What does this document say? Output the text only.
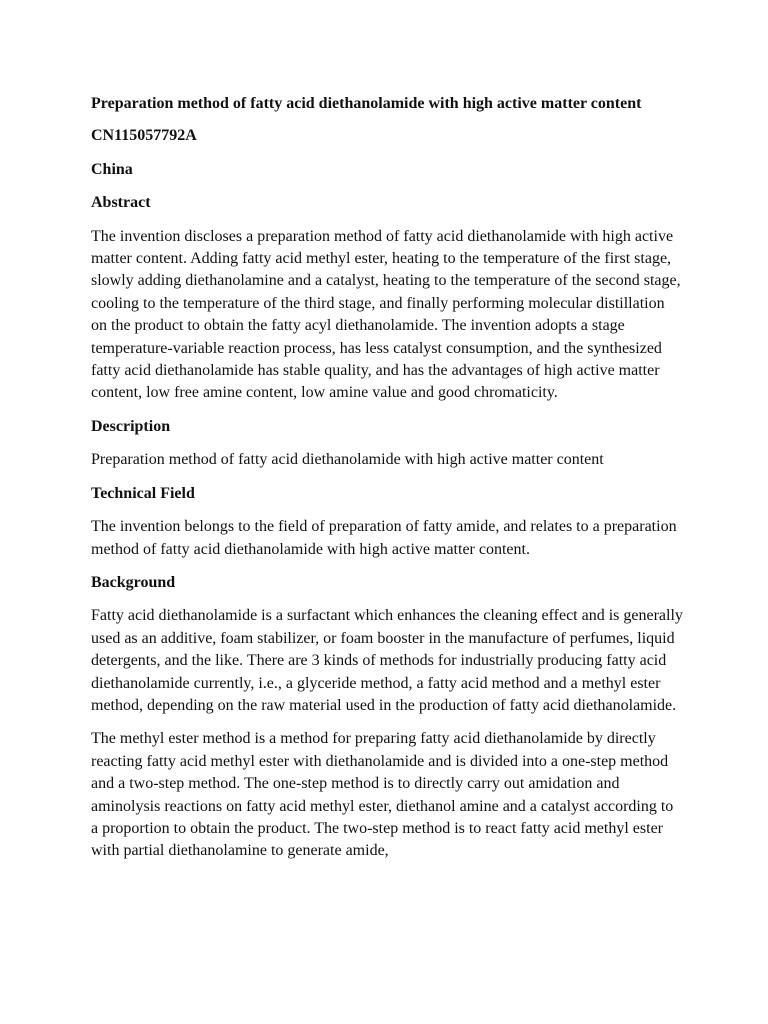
Preparation method of fatty acid diethanolamide with high active matter content

CN115057792A

China

Abstract

The invention discloses a preparation method of fatty acid diethanolamide with high active matter content. Adding fatty acid methyl ester, heating to the temperature of the first stage, slowly adding diethanolamine and a catalyst, heating to the temperature of the second stage, cooling to the temperature of the third stage, and finally performing molecular distillation on the product to obtain the fatty acyl diethanolamide. The invention adopts a stage temperature-variable reaction process, has less catalyst consumption, and the synthesized fatty acid diethanolamide has stable quality, and has the advantages of high active matter content, low free amine content, low amine value and good chromaticity.

Description

Preparation method of fatty acid diethanolamide with high active matter content

Technical Field

The invention belongs to the field of preparation of fatty amide, and relates to a preparation method of fatty acid diethanolamide with high active matter content.

Background

Fatty acid diethanolamide is a surfactant which enhances the cleaning effect and is generally used as an additive, foam stabilizer, or foam booster in the manufacture of perfumes, liquid detergents, and the like. There are 3 kinds of methods for industrially producing fatty acid diethanolamide currently, i.e., a glyceride method, a fatty acid method and a methyl ester method, depending on the raw material used in the production of fatty acid diethanolamide.

The methyl ester method is a method for preparing fatty acid diethanolamide by directly reacting fatty acid methyl ester with diethanolamide and is divided into a one-step method and a two-step method. The one-step method is to directly carry out amidation and aminolysis reactions on fatty acid methyl ester, diethanol amine and a catalyst according to a proportion to obtain the product. The two-step method is to react fatty acid methyl ester with partial diethanolamine to generate amide,
